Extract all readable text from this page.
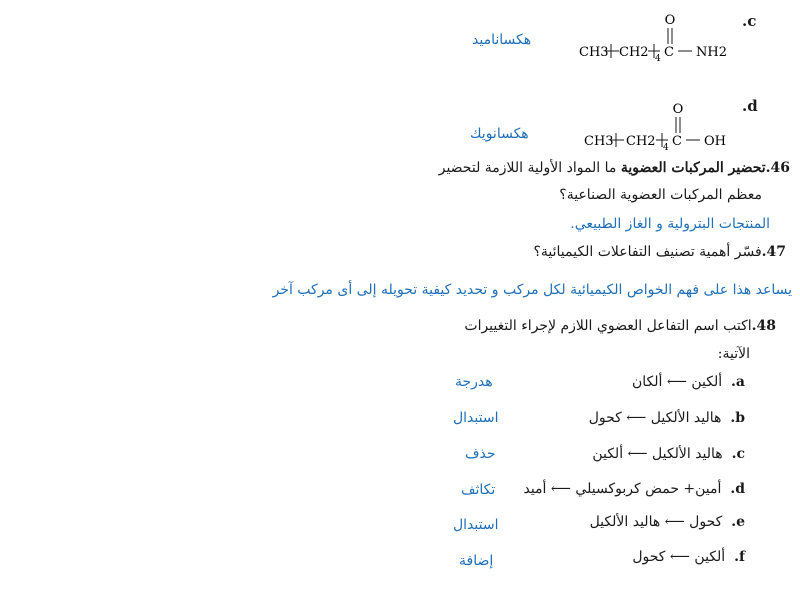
.c
هكساناميد
O
CH3 CH2 4 C NH2
.d
هكسانويك
O
CH3 CH2 4 C OH
46.تحضير المركبات العضوية ما المواد الأولية اللازمة لتحضير
معظم المركبات العضوية الصناعية؟
المنتجات البترولية و الغاز الطبيعي.
47.فسّر أهمية تصنيف التفاعلات الكيميائية؟
يساعد هذا على فهم الخواص الكيميائية لكل مركب و تحديد كيفية تحويله إلى أى مركب آخر
48.اكتب اسم التفاعل العضوي اللازم لإجراء التغييرات
الآتية:
a.  ألكين ⟵ ألكان
هدرجة
b.  هاليد الألكيل ⟵ كحول
استبدال
c.  هاليد الألكيل ⟵ ألكين
حذف
d.  أمين+ حمض كربوكسيلي ⟵ أميد
تكاثف
e.  كحول ⟵ هاليد الألكيل
استبدال
f.  ألكين ⟵ كحول
إضافة
